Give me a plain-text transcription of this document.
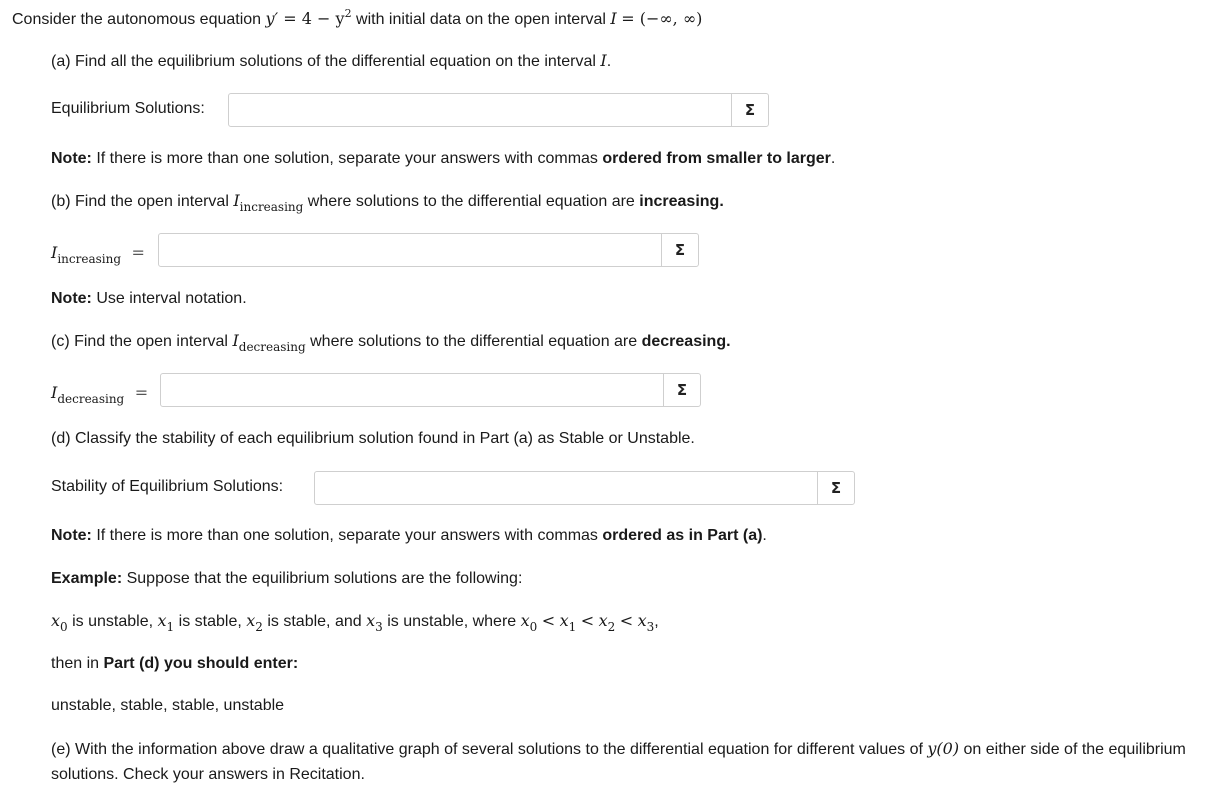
Consider the autonomous equation $y' = 4 - y^2$ with initial data on the open interval I = (−∞, ∞)
(a) Find all the equilibrium solutions of the differential equation on the interval I.
Equilibrium Solutions:	Σ
Note: If there is more than one solution, separate your answers with commas ordered from smaller to larger.
(b) Find the open interval $I_{increasing}$ where solutions to the differential equation are increasing.
$I_{increasing}$ =	Σ
Note: Use interval notation.
(c) Find the open interval $I_{decreasing}$ where solutions to the differential equation are decreasing.
$I_{decreasing}$ =	Σ
(d) Classify the stability of each equilibrium solution found in Part (a) as Stable or Unstable.
Stability of Equilibrium Solutions:	Σ
Note: If there is more than one solution, separate your answers with commas ordered as in Part (a).
Example: Suppose that the equilibrium solutions are the following:
$x_0$ is unstable, $x_1$ is stable, $x_2$ is stable, and $x_3$ is unstable, where $x_0 < x_1 < x_2 < x_3$,
then in Part (d) you should enter:
unstable, stable, stable, unstable
(e) With the information above draw a qualitative graph of several solutions to the differential equation for different values of y(0) on either side of the equilibrium solutions. Check your answers in Recitation.
